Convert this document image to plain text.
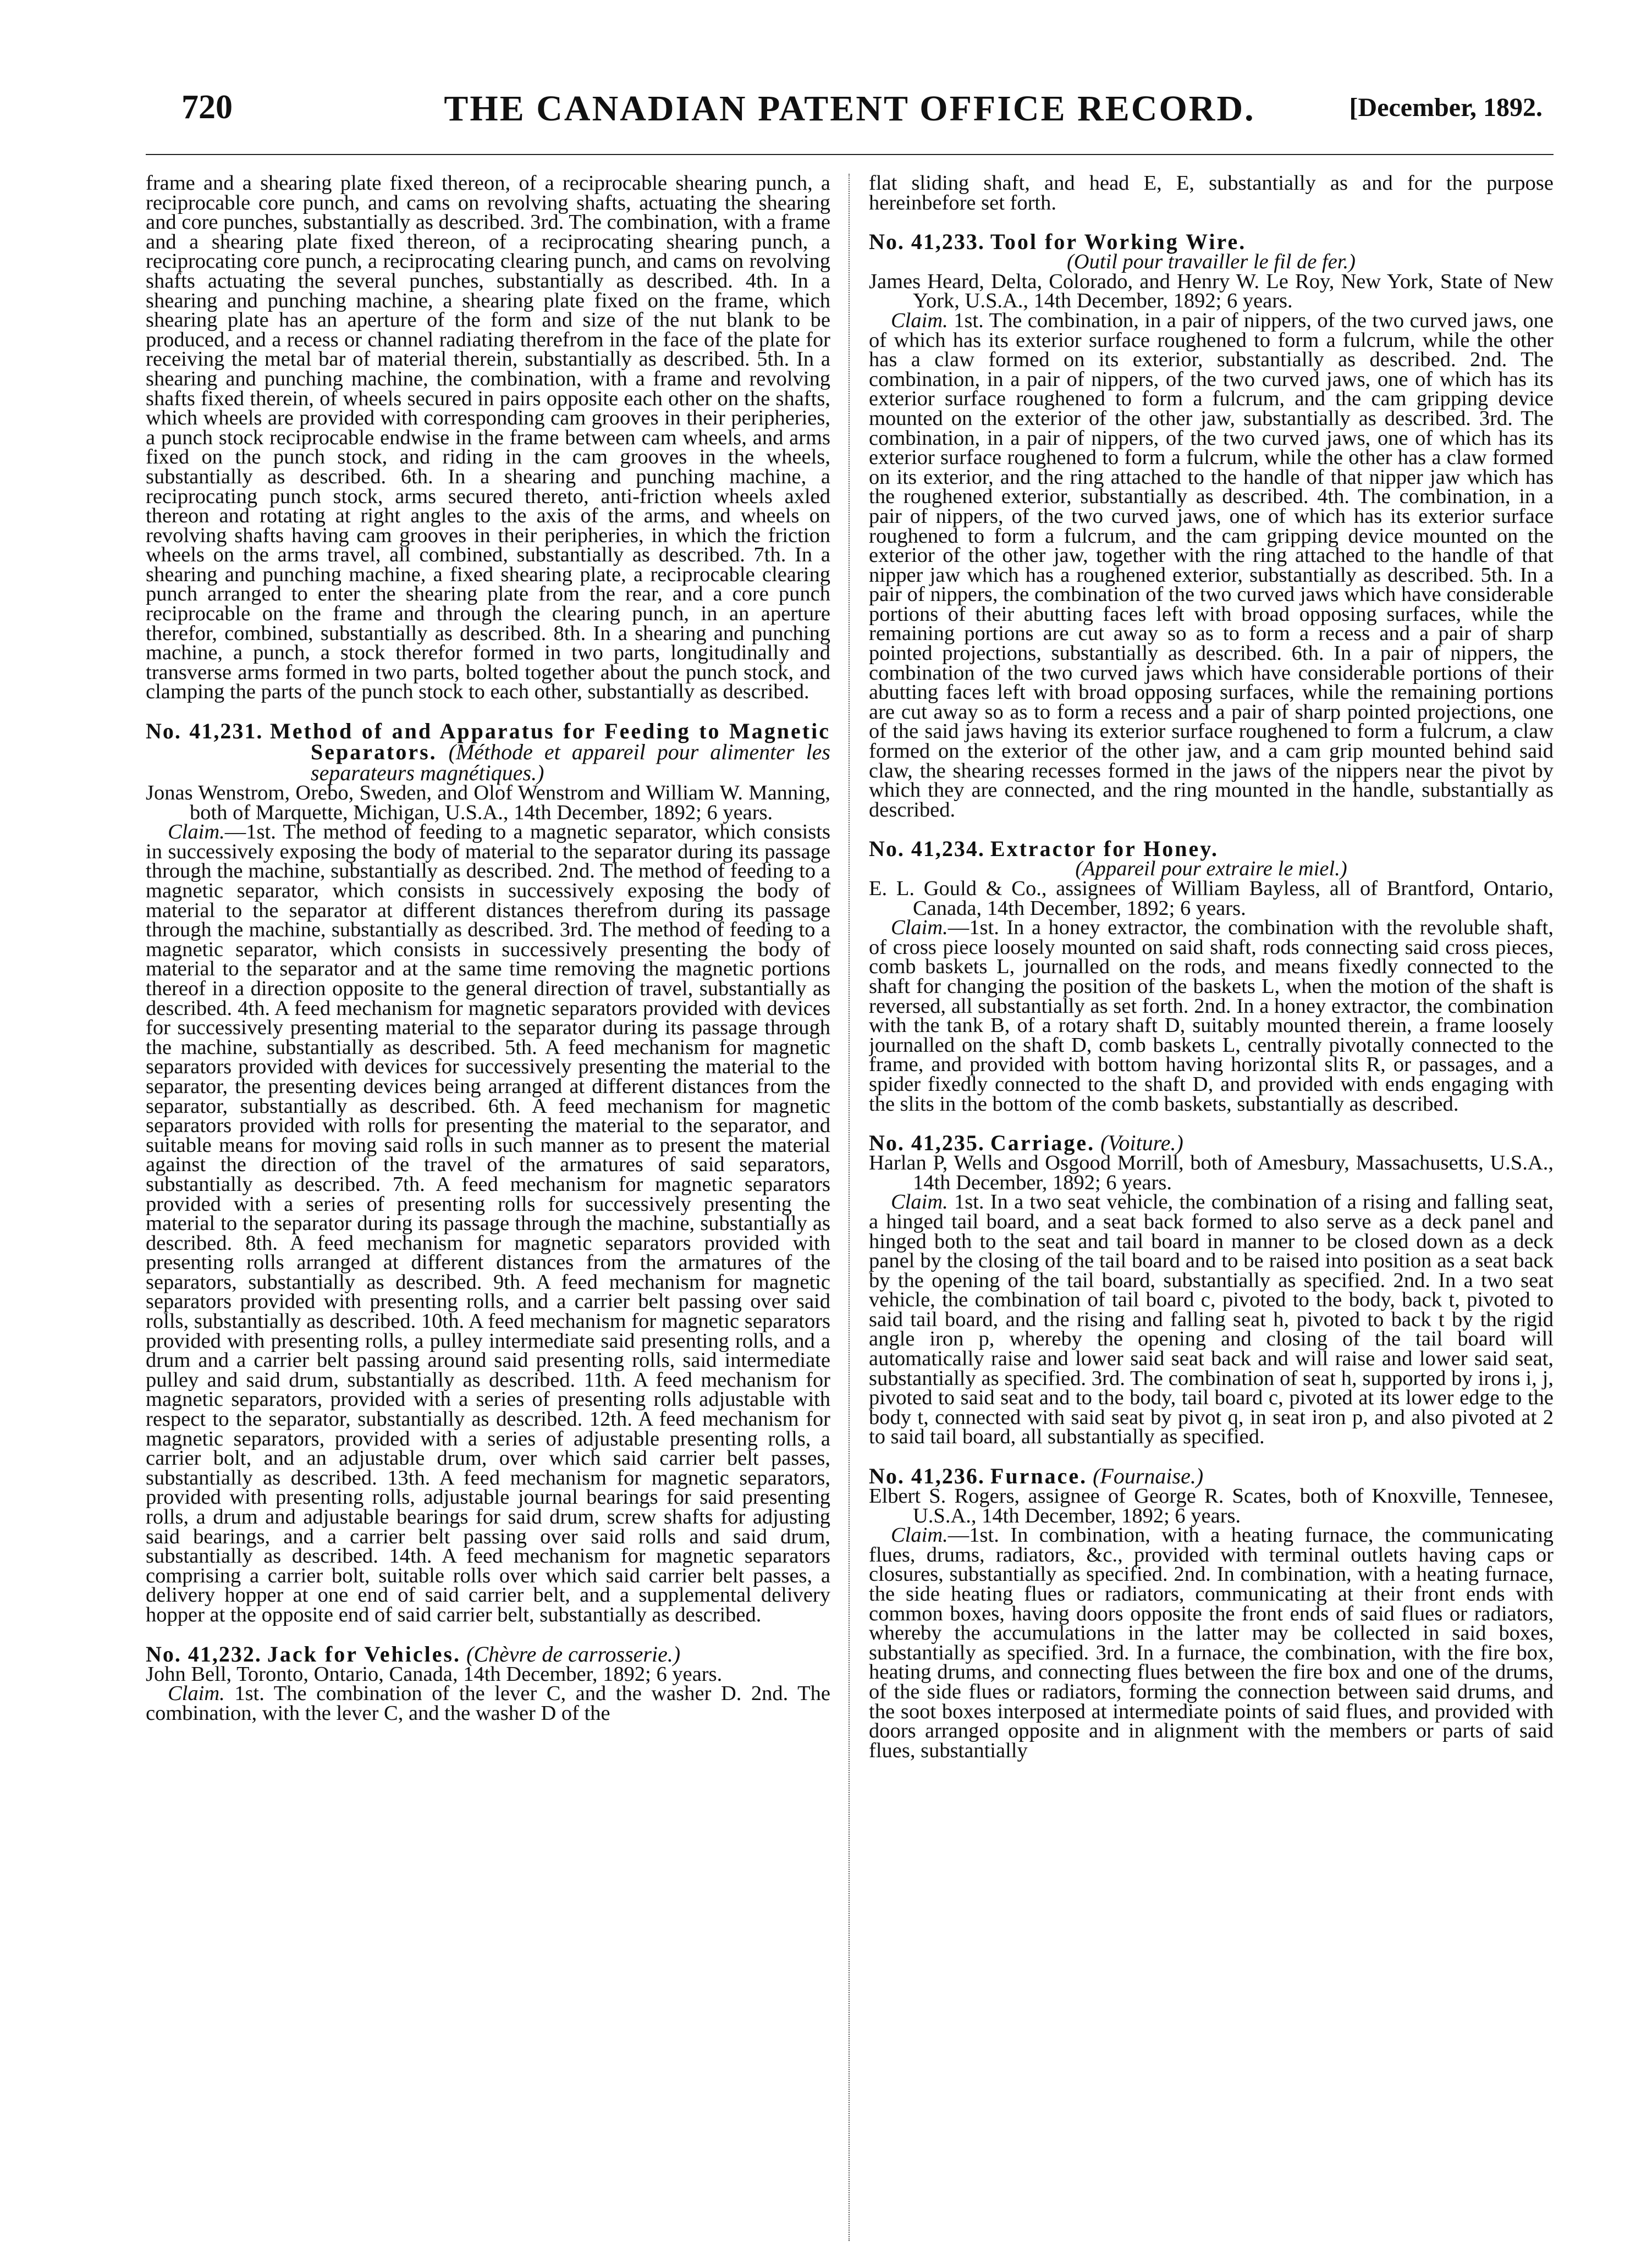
720	THE CANADIAN PATENT OFFICE RECORD.	[December, 1892.

frame and a shearing plate fixed thereon, of a reciprocable shearing punch, a reciprocable core punch, and cams on revolving shafts, actuating the shearing and core punches, substantially as described. 3rd. The combination, with a frame and a shearing plate fixed thereon, of a reciprocating shearing punch, a reciprocating core punch, a reciprocating clearing punch, and cams on revolving shafts actuating the several punches, substantially as described. 4th. In a shearing and punching machine, a shearing plate fixed on the frame, which shearing plate has an aperture of the form and size of the nut blank to be produced, and a recess or channel radiating therefrom in the face of the plate for receiving the metal bar of material therein, substantially as described. 5th. In a shearing and punching machine, the combination, with a frame and revolving shafts fixed therein, of wheels secured in pairs opposite each other on the shafts, which wheels are provided with corresponding cam grooves in their peripheries, a punch stock reciprocable endwise in the frame between cam wheels, and arms fixed on the punch stock, and riding in the cam grooves in the wheels, substantially as described. 6th. In a shearing and punching machine, a reciprocating punch stock, arms secured thereto, anti-friction wheels axled thereon and rotating at right angles to the axis of the arms, and wheels on revolving shafts having cam grooves in their peripheries, in which the friction wheels on the arms travel, all combined, substantially as described. 7th. In a shearing and punching machine, a fixed shearing plate, a reciprocable clearing punch arranged to enter the shearing plate from the rear, and a core punch reciprocable on the frame and through the clearing punch, in an aperture therefor, combined, substantially as described. 8th. In a shearing and punching machine, a punch, a stock therefor formed in two parts, longitudinally and transverse arms formed in two parts, bolted together about the punch stock, and clamping the parts of the punch stock to each other, substantially as described.

No. 41,231. Method of and Apparatus for Feeding to Magnetic Separators. (Méthode et appareil pour alimenter les separateurs magnétiques.)

Jonas Wenstrom, Orebo, Sweden, and Olof Wenstrom and William W. Manning, both of Marquette, Michigan, U.S.A., 14th December, 1892; 6 years.

Claim.—1st. The method of feeding to a magnetic separator, which consists in successively exposing the body of material to the separator during its passage through the machine, substantially as described. 2nd. The method of feeding to a magnetic separator, which consists in successively exposing the body of material to the separator at different distances therefrom during its passage through the machine, substantially as described. 3rd. The method of feeding to a magnetic separator, which consists in successively presenting the body of material to the separator and at the same time removing the magnetic portions thereof in a direction opposite to the general direction of travel, substantially as described. 4th. A feed mechanism for magnetic separators provided with devices for successively presenting material to the separator during its passage through the machine, substantially as described. 5th. A feed mechanism for magnetic separators provided with devices for successively presenting the material to the separator, the presenting devices being arranged at different distances from the separator, substantially as described. 6th. A feed mechanism for magnetic separators provided with rolls for presenting the material to the separator, and suitable means for moving said rolls in such manner as to present the material against the direction of the travel of the armatures of said separators, substantially as described. 7th. A feed mechanism for magnetic separators provided with a series of presenting rolls for successively presenting the material to the separator during its passage through the machine, substantially as described. 8th. A feed mechanism for magnetic separators provided with presenting rolls arranged at different distances from the armatures of the separators, substantially as described. 9th. A feed mechanism for magnetic separators provided with presenting rolls, and a carrier belt passing over said rolls, substantially as described. 10th. A feed mechanism for magnetic separators provided with presenting rolls, a pulley intermediate said presenting rolls, and a drum and a carrier belt passing around said presenting rolls, said intermediate pulley and said drum, substantially as described. 11th. A feed mechanism for magnetic separators, provided with a series of presenting rolls adjustable with respect to the separator, substantially as described. 12th. A feed mechanism for magnetic separators, provided with a series of adjustable presenting rolls, a carrier bolt, and an adjustable drum, over which said carrier belt passes, substantially as described. 13th. A feed mechanism for magnetic separators, provided with presenting rolls, adjustable journal bearings for said presenting rolls, a drum and adjustable bearings for said drum, screw shafts for adjusting said bearings, and a carrier belt passing over said rolls and said drum, substantially as described. 14th. A feed mechanism for magnetic separators comprising a carrier bolt, suitable rolls over which said carrier belt passes, a delivery hopper at one end of said carrier belt, and a supplemental delivery hopper at the opposite end of said carrier belt, substantially as described.

No. 41,232. Jack for Vehicles. (Chèvre de carrosserie.)

John Bell, Toronto, Ontario, Canada, 14th December, 1892; 6 years.

Claim. 1st. The combination of the lever C, and the washer D. 2nd. The combination, with the lever C, and the washer D of the

flat sliding shaft, and head E, E, substantially as and for the purpose hereinbefore set forth.

No. 41,233. Tool for Working Wire.

(Outil pour travailler le fil de fer.)

James Heard, Delta, Colorado, and Henry W. Le Roy, New York, State of New York, U.S.A., 14th December, 1892; 6 years.

Claim. 1st. The combination, in a pair of nippers, of the two curved jaws, one of which has its exterior surface roughened to form a fulcrum, while the other has a claw formed on its exterior, substantially as described. 2nd. The combination, in a pair of nippers, of the two curved jaws, one of which has its exterior surface roughened to form a fulcrum, and the cam gripping device mounted on the exterior of the other jaw, substantially as described. 3rd. The combination, in a pair of nippers, of the two curved jaws, one of which has its exterior surface roughened to form a fulcrum, while the other has a claw formed on its exterior, and the ring attached to the handle of that nipper jaw which has the roughened exterior, substantially as described. 4th. The combination, in a pair of nippers, of the two curved jaws, one of which has its exterior surface roughened to form a fulcrum, and the cam gripping device mounted on the exterior of the other jaw, together with the ring attached to the handle of that nipper jaw which has a roughened exterior, substantially as described. 5th. In a pair of nippers, the combination of the two curved jaws which have considerable portions of their abutting faces left with broad opposing surfaces, while the remaining portions are cut away so as to form a recess and a pair of sharp pointed projections, substantially as described. 6th. In a pair of nippers, the combination of the two curved jaws which have considerable portions of their abutting faces left with broad opposing surfaces, while the remaining portions are cut away so as to form a recess and a pair of sharp pointed projections, one of the said jaws having its exterior surface roughened to form a fulcrum, a claw formed on the exterior of the other jaw, and a cam grip mounted behind said claw, the shearing recesses formed in the jaws of the nippers near the pivot by which they are connected, and the ring mounted in the handle, substantially as described.

No. 41,234. Extractor for Honey.

(Appareil pour extraire le miel.)

E. L. Gould & Co., assignees of William Bayless, all of Brantford, Ontario, Canada, 14th December, 1892; 6 years.

Claim.—1st. In a honey extractor, the combination with the revoluble shaft, of cross piece loosely mounted on said shaft, rods connecting said cross pieces, comb baskets L, journalled on the rods, and means fixedly connected to the shaft for changing the position of the baskets L, when the motion of the shaft is reversed, all substantially as set forth. 2nd. In a honey extractor, the combination with the tank B, of a rotary shaft D, suitably mounted therein, a frame loosely journalled on the shaft D, comb baskets L, centrally pivotally connected to the frame, and provided with bottom having horizontal slits R, or passages, and a spider fixedly connected to the shaft D, and provided with ends engaging with the slits in the bottom of the comb baskets, substantially as described.

No. 41,235. Carriage. (Voiture.)

Harlan P, Wells and Osgood Morrill, both of Amesbury, Massachusetts, U.S.A., 14th December, 1892; 6 years.

Claim. 1st. In a two seat vehicle, the combination of a rising and falling seat, a hinged tail board, and a seat back formed to also serve as a deck panel and hinged both to the seat and tail board in manner to be closed down as a deck panel by the closing of the tail board and to be raised into position as a seat back by the opening of the tail board, substantially as specified. 2nd. In a two seat vehicle, the combination of tail board c, pivoted to the body, back t, pivoted to said tail board, and the rising and falling seat h, pivoted to back t by the rigid angle iron p, whereby the opening and closing of the tail board will automatically raise and lower said seat back and will raise and lower said seat, substantially as specified. 3rd. The combination of seat h, supported by irons i, j, pivoted to said seat and to the body, tail board c, pivoted at its lower edge to the body t, connected with said seat by pivot q, in seat iron p, and also pivoted at 2 to said tail board, all substantially as specified.

No. 41,236. Furnace. (Fournaise.)

Elbert S. Rogers, assignee of George R. Scates, both of Knoxville, Tennesee, U.S.A., 14th December, 1892; 6 years.

Claim.—1st. In combination, with a heating furnace, the communicating flues, drums, radiators, &c., provided with terminal outlets having caps or closures, substantially as specified. 2nd. In combination, with a heating furnace, the side heating flues or radiators, communicating at their front ends with common boxes, having doors opposite the front ends of said flues or radiators, whereby the accumulations in the latter may be collected in said boxes, substantially as specified. 3rd. In a furnace, the combination, with the fire box, heating drums, and connecting flues between the fire box and one of the drums, of the side flues or radiators, forming the connection between said drums, and the soot boxes interposed at intermediate points of said flues, and provided with doors arranged opposite and in alignment with the members or parts of said flues, substantially
